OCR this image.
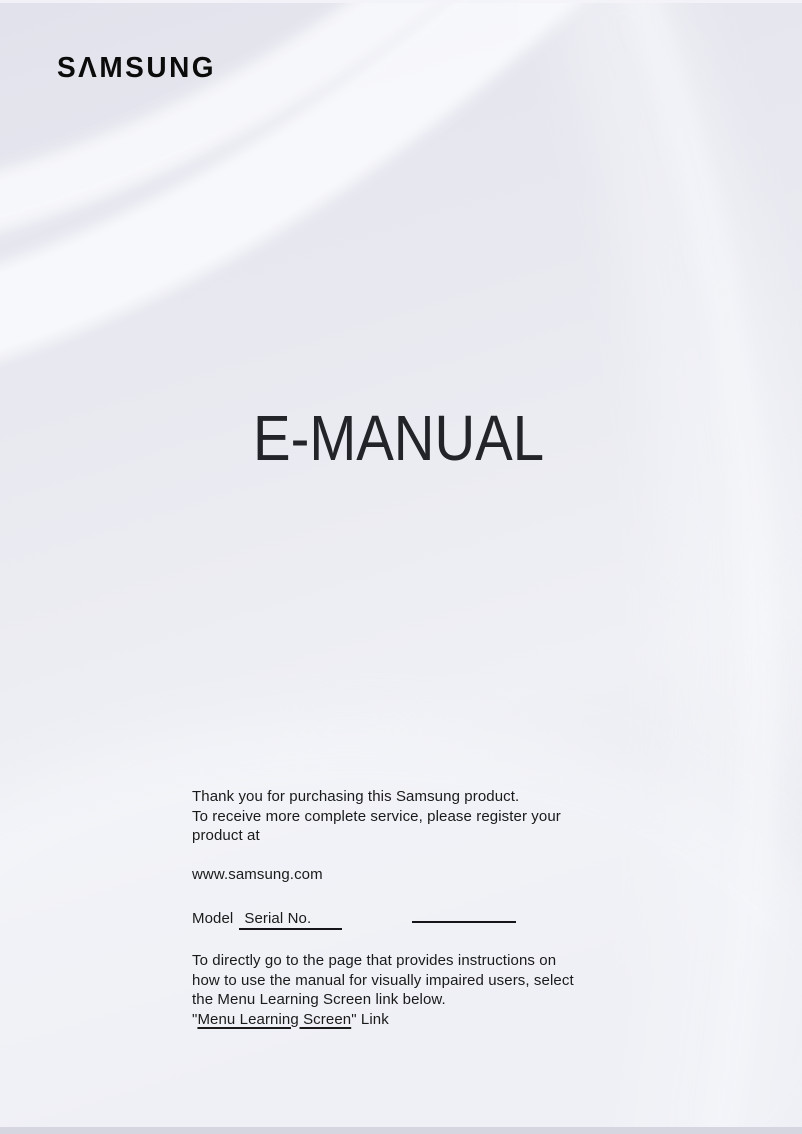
SΛMSUNG
E-MANUAL
Thank you for purchasing this Samsung product.
To receive more complete service, please register your
product at
www.samsung.com
Model Serial No.
To directly go to the page that provides instructions on
how to use the manual for visually impaired users, select
the Menu Learning Screen link below.
"Menu Learning Screen" Link
